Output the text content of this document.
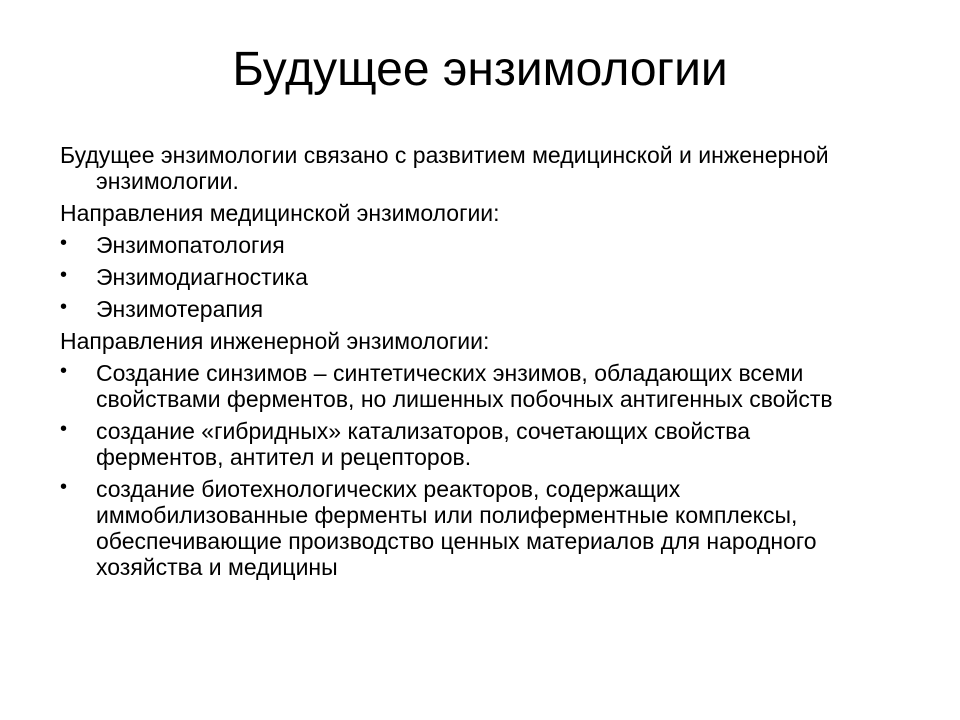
Будущее энзимологии

Будущее энзимологии связано с развитием медицинской и инженерной энзимологии.

Направления медицинской энзимологии:

•	Энзимопатология
•	Энзимодиагностика
•	Энзимотерапия

Направления инженерной энзимологии:

•	Создание синзимов – синтетических энзимов, обладающих всеми свойствами ферментов, но лишенных побочных антигенных свойств
•	создание «гибридных» катализаторов, сочетающих свойства ферментов, антител и рецепторов.
•	создание биотехнологических реакторов, содержащих иммобилизованные ферменты или полиферментные комплексы, обеспечивающие производство ценных материалов для народного хозяйства и медицины
